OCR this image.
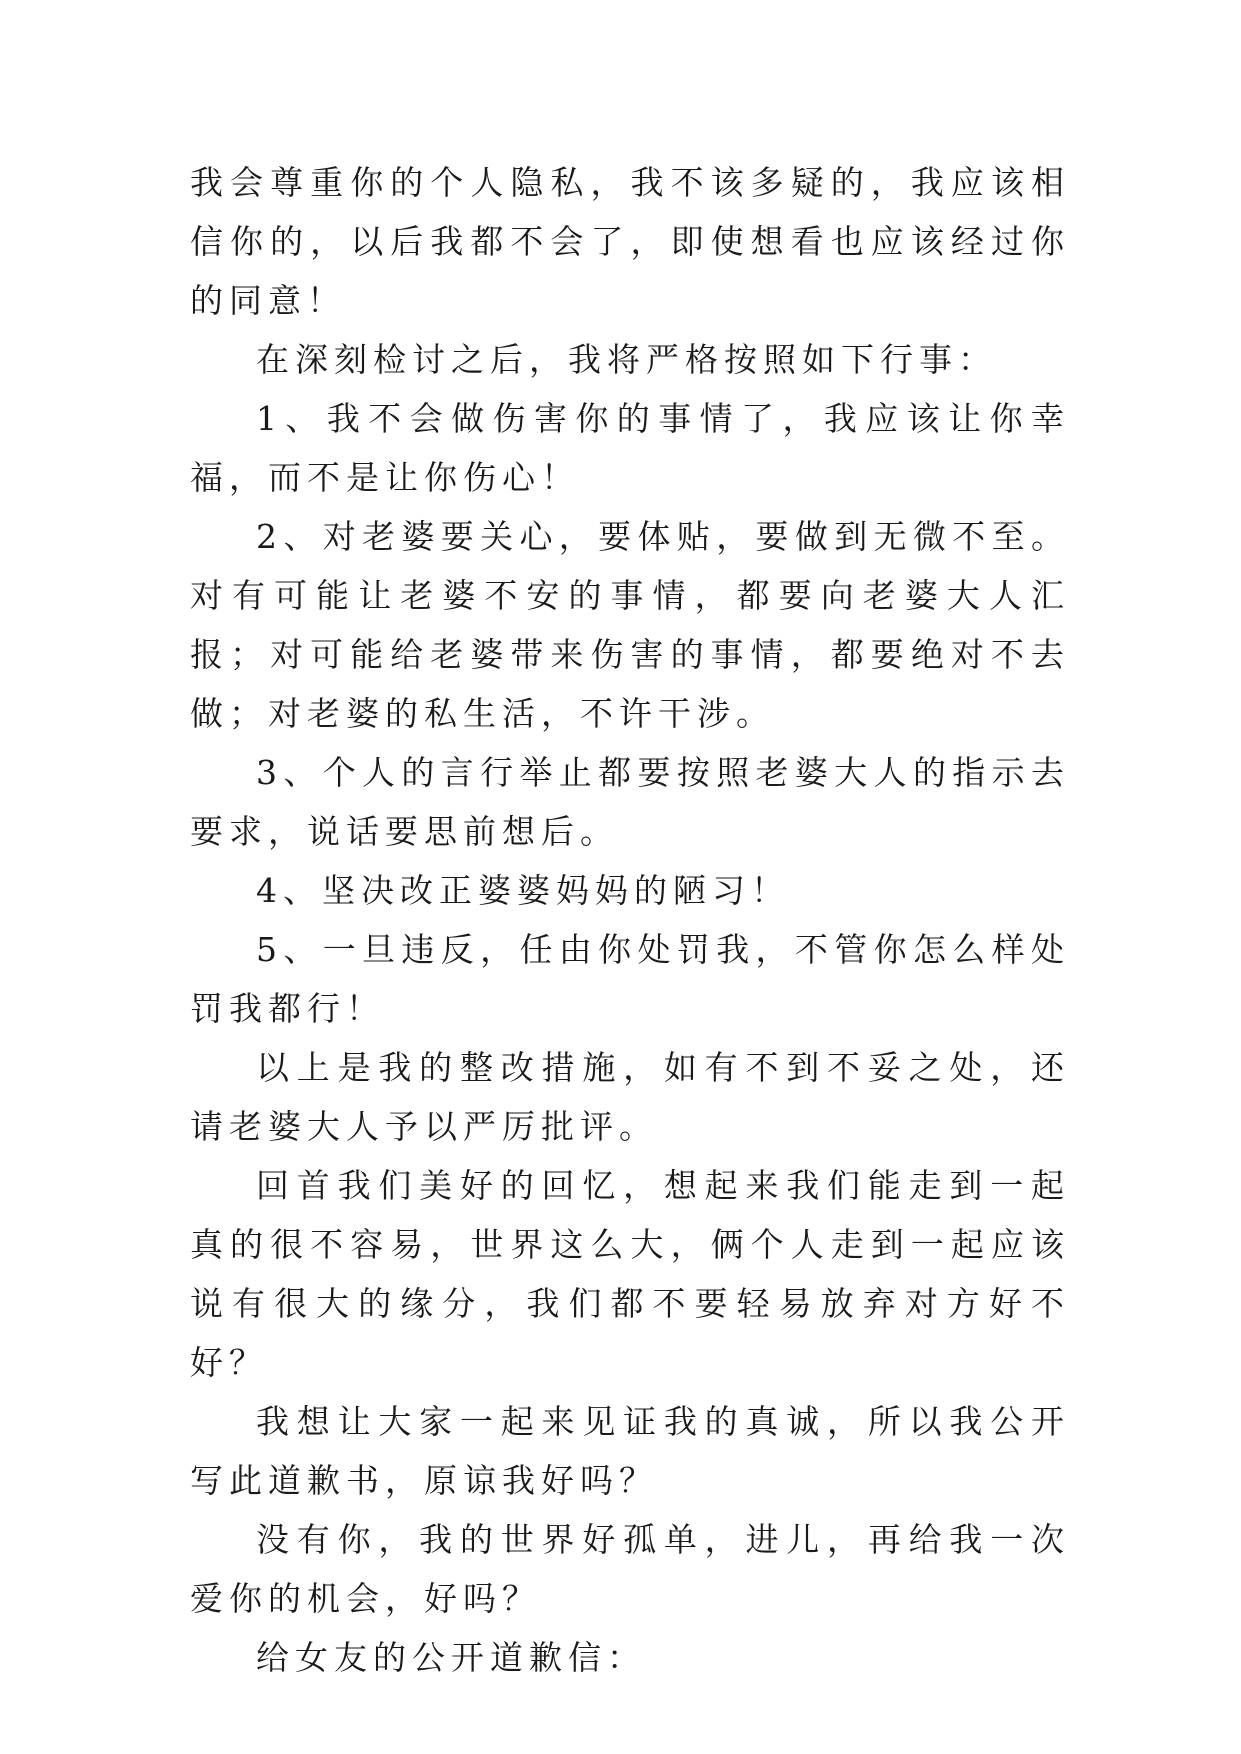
我会尊重你的个人隐私，我不该多疑的，我应该相信你的，以后我都不会了，即使想看也应该经过你的同意！

在深刻检讨之后，我将严格按照如下行事：

1、我不会做伤害你的事情了，我应该让你幸福，而不是让你伤心！

2、对老婆要关心，要体贴，要做到无微不至。对有可能让老婆不安的事情，都要向老婆大人汇报；对可能给老婆带来伤害的事情，都要绝对不去做；对老婆的私生活，不许干涉。

3、个人的言行举止都要按照老婆大人的指示去要求，说话要思前想后。

4、坚决改正婆婆妈妈的陋习！

5、一旦违反，任由你处罚我，不管你怎么样处罚我都行！

以上是我的整改措施，如有不到不妥之处，还请老婆大人予以严厉批评。

回首我们美好的回忆，想起来我们能走到一起真的很不容易，世界这么大，俩个人走到一起应该说有很大的缘分，我们都不要轻易放弃对方好不好？

我想让大家一起来见证我的真诚，所以我公开写此道歉书，原谅我好吗？

没有你，我的世界好孤单，进儿，再给我一次爱你的机会，好吗？

给女友的公开道歉信：
